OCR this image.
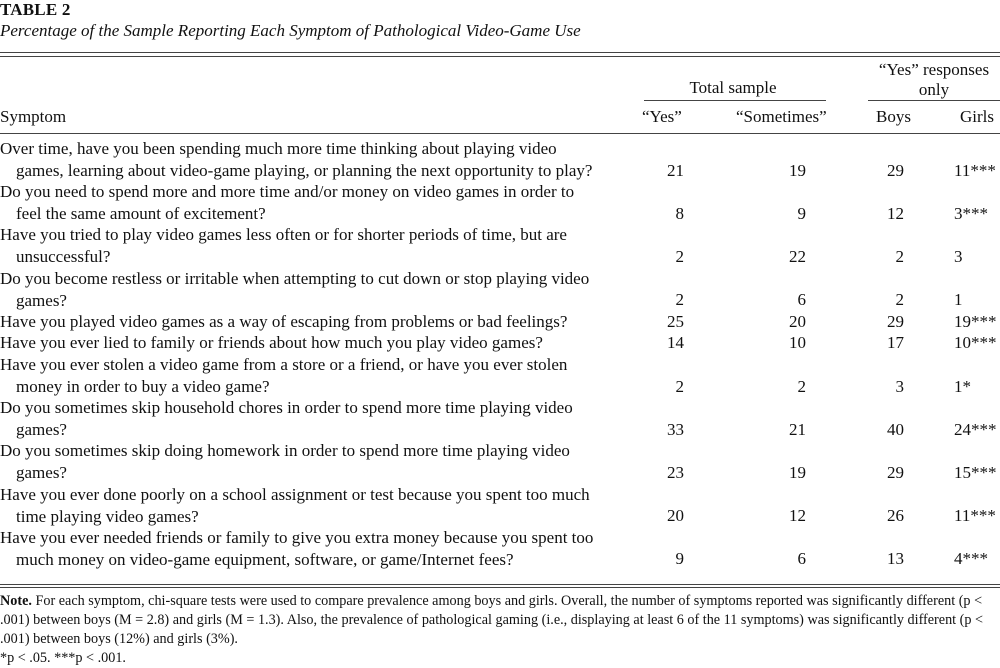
TABLE 2
Percentage of the Sample Reporting Each Symptom of Pathological Video-Game Use
Total sample
“Yes” responses only
Symptom	“Yes”	“Sometimes”	Boys	Girls
Over time, have you been spending much more time thinking about playing video games, learning about video-game playing, or planning the next opportunity to play?	21	19	29	11***
Do you need to spend more and more time and/or money on video games in order to feel the same amount of excitement?	8	9	12	3***
Have you tried to play video games less often or for shorter periods of time, but are unsuccessful?	2	22	2	3
Do you become restless or irritable when attempting to cut down or stop playing video games?	2	6	2	1
Have you played video games as a way of escaping from problems or bad feelings?	25	20	29	19***
Have you ever lied to family or friends about how much you play video games?	14	10	17	10***
Have you ever stolen a video game from a store or a friend, or have you ever stolen money in order to buy a video game?	2	2	3	1*
Do you sometimes skip household chores in order to spend more time playing video games?	33	21	40	24***
Do you sometimes skip doing homework in order to spend more time playing video games?	23	19	29	15***
Have you ever done poorly on a school assignment or test because you spent too much time playing video games?	20	12	26	11***
Have you ever needed friends or family to give you extra money because you spent too much money on video-game equipment, software, or game/Internet fees?	9	6	13	4***
Note. For each symptom, chi-square tests were used to compare prevalence among boys and girls. Overall, the number of symptoms reported was significantly different (p < .001) between boys (M = 2.8) and girls (M = 1.3). Also, the prevalence of pathological gaming (i.e., displaying at least 6 of the 11 symptoms) was significantly different (p < .001) between boys (12%) and girls (3%).
*p < .05. ***p < .001.
